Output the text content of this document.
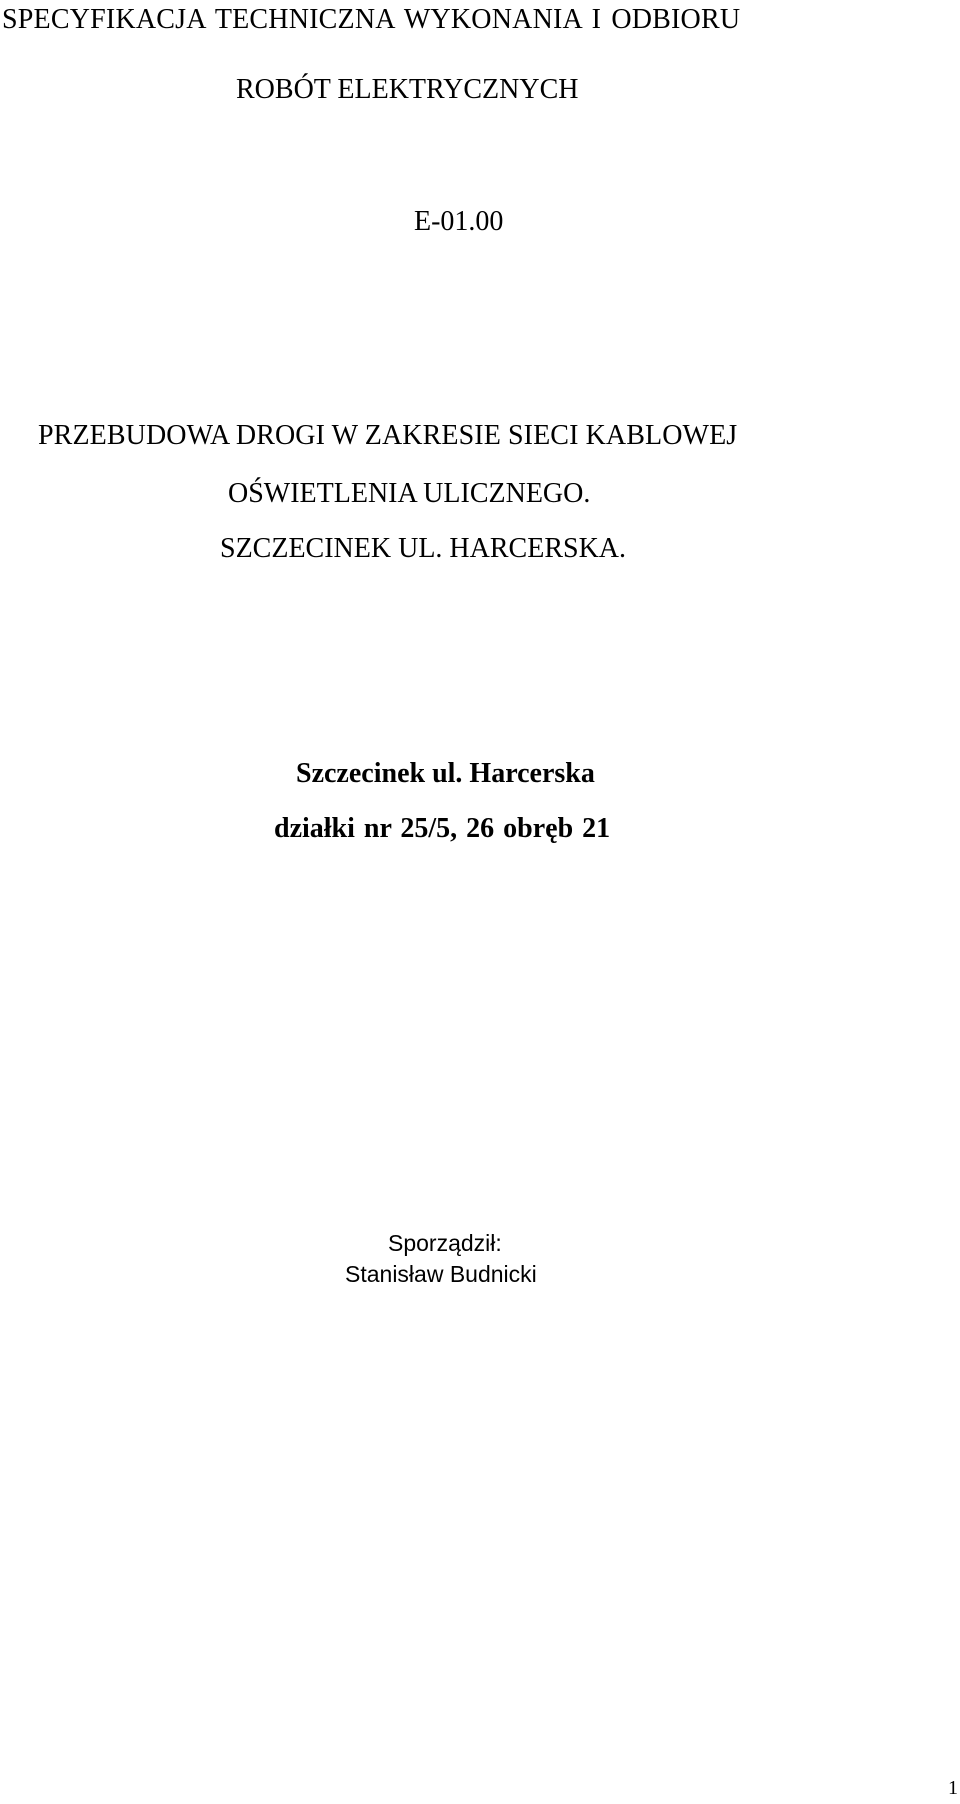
SPECYFIKACJA TECHNICZNA WYKONANIA I ODBIORU
ROBÓT ELEKTRYCZNYCH
E-01.00
PRZEBUDOWA DROGI W ZAKRESIE SIECI KABLOWEJ
OŚWIETLENIA ULICZNEGO.
SZCZECINEK UL. HARCERSKA.
Szczecinek ul. Harcerska
działki nr 25/5, 26 obręb 21
Sporządził:
Stanisław Budnicki
1
